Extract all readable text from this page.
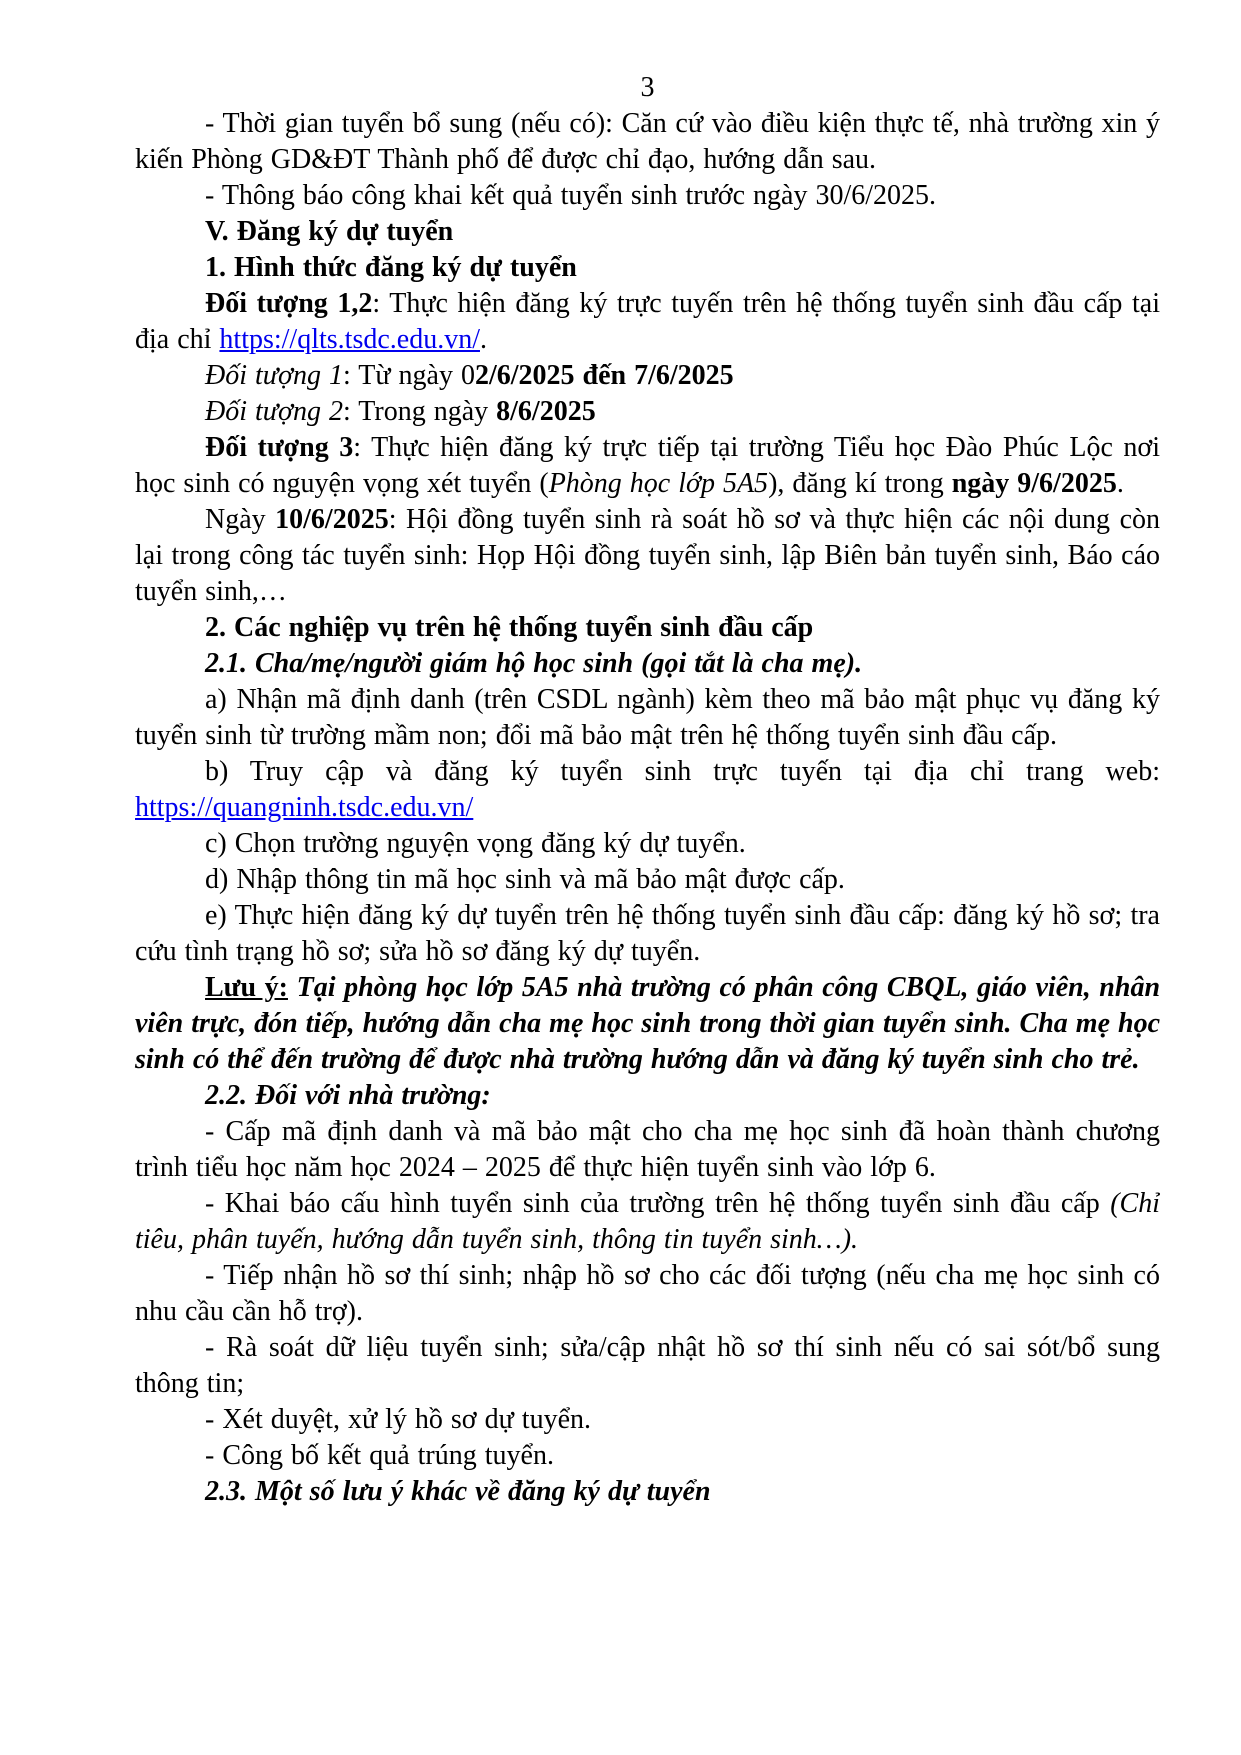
3

- Thời gian tuyển bổ sung (nếu có): Căn cứ vào điều kiện thực tế, nhà trường xin ý kiến Phòng GD&ĐT Thành phố để được chỉ đạo, hướng dẫn sau.

- Thông báo công khai kết quả tuyển sinh trước ngày 30/6/2025.

V. Đăng ký dự tuyển

1. Hình thức đăng ký dự tuyển

Đối tượng 1,2: Thực hiện đăng ký trực tuyến trên hệ thống tuyển sinh đầu cấp tại địa chỉ https://qlts.tsdc.edu.vn/.

Đối tượng 1: Từ ngày 02/6/2025 đến 7/6/2025

Đối tượng 2: Trong ngày 8/6/2025

Đối tượng 3: Thực hiện đăng ký trực tiếp tại trường Tiểu học Đào Phúc Lộc nơi học sinh có nguyện vọng xét tuyển (Phòng học lớp 5A5), đăng kí trong ngày 9/6/2025.

Ngày 10/6/2025: Hội đồng tuyển sinh rà soát hồ sơ và thực hiện các nội dung còn lại trong công tác tuyển sinh: Họp Hội đồng tuyển sinh, lập Biên bản tuyển sinh, Báo cáo tuyển sinh,…

2. Các nghiệp vụ trên hệ thống tuyển sinh đầu cấp

2.1. Cha/mẹ/người giám hộ học sinh (gọi tắt là cha mẹ).

a) Nhận mã định danh (trên CSDL ngành) kèm theo mã bảo mật phục vụ đăng ký tuyển sinh từ trường mầm non; đổi mã bảo mật trên hệ thống tuyển sinh đầu cấp.

b) Truy cập và đăng ký tuyển sinh trực tuyến tại địa chỉ trang web: https://quangninh.tsdc.edu.vn/

c) Chọn trường nguyện vọng đăng ký dự tuyển.

d) Nhập thông tin mã học sinh và mã bảo mật được cấp.

e) Thực hiện đăng ký dự tuyển trên hệ thống tuyển sinh đầu cấp: đăng ký hồ sơ; tra cứu tình trạng hồ sơ; sửa hồ sơ đăng ký dự tuyển.

Lưu ý: Tại phòng học lớp 5A5 nhà trường có phân công CBQL, giáo viên, nhân viên trực, đón tiếp, hướng dẫn cha mẹ học sinh trong thời gian tuyển sinh. Cha mẹ học sinh có thể đến trường để được nhà trường hướng dẫn và đăng ký tuyển sinh cho trẻ.

2.2. Đối với nhà trường:

- Cấp mã định danh và mã bảo mật cho cha mẹ học sinh đã hoàn thành chương trình tiểu học năm học 2024 – 2025 để thực hiện tuyển sinh vào lớp 6.

- Khai báo cấu hình tuyển sinh của trường trên hệ thống tuyển sinh đầu cấp (Chỉ tiêu, phân tuyến, hướng dẫn tuyển sinh, thông tin tuyển sinh…).

- Tiếp nhận hồ sơ thí sinh; nhập hồ sơ cho các đối tượng (nếu cha mẹ học sinh có nhu cầu cần hỗ trợ).

- Rà soát dữ liệu tuyển sinh; sửa/cập nhật hồ sơ thí sinh nếu có sai sót/bổ sung thông tin;

- Xét duyệt, xử lý hồ sơ dự tuyển.

- Công bố kết quả trúng tuyển.

2.3. Một số lưu ý khác về đăng ký dự tuyển
